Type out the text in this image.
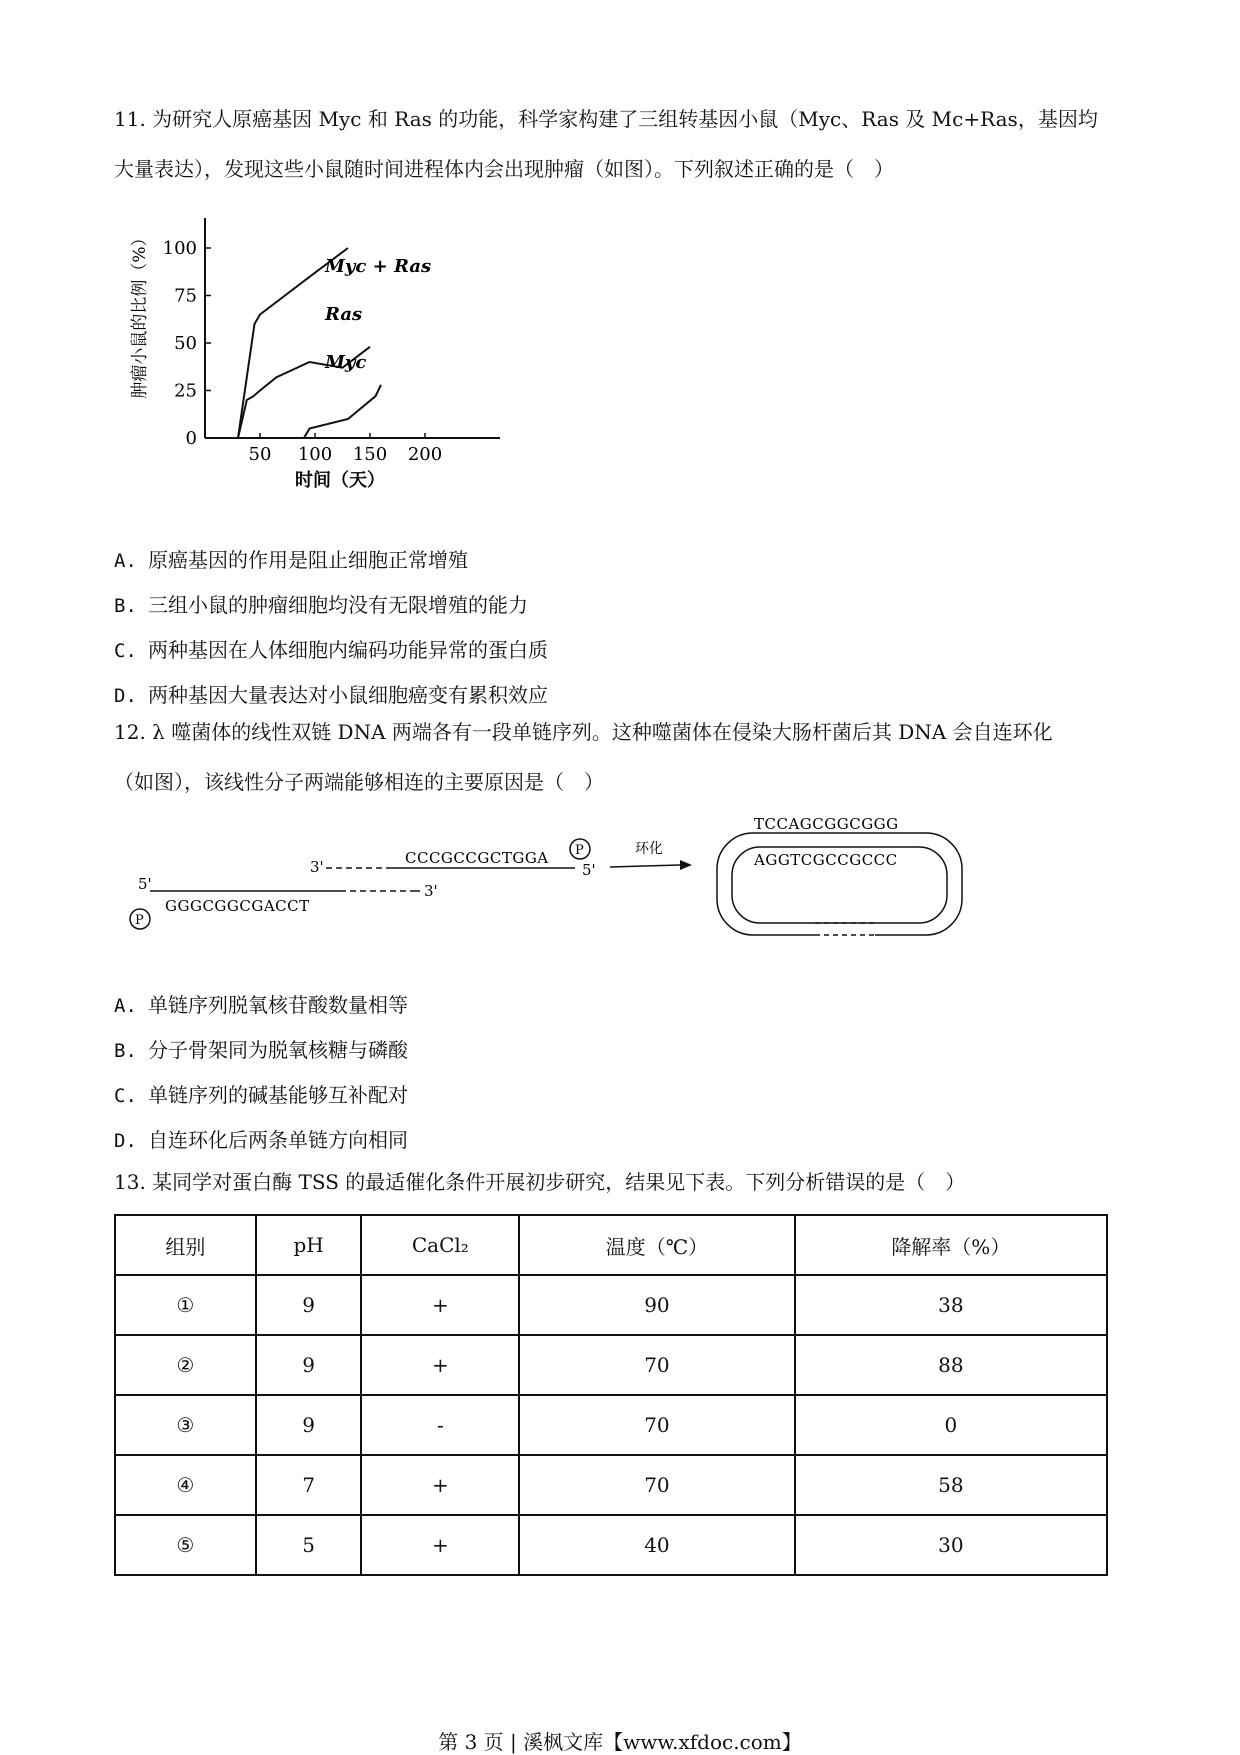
11. 为研究人原癌基因 Myc 和 Ras 的功能，科学家构建了三组转基因小鼠（Myc、Ras 及 Mc+Ras，基因均
大量表达），发现这些小鼠随时间进程体内会出现肿瘤（如图）。下列叙述正确的是（　）
肿瘤小鼠的比例（%）
0
25
50
75
100
50 100 150 200
Myc + Ras
Ras
Myc
时间（天）
A. 原癌基因的作用是阻止细胞正常增殖
B. 三组小鼠的肿瘤细胞均没有无限增殖的能力
C. 两种基因在人体细胞内编码功能异常的蛋白质
D. 两种基因大量表达对小鼠细胞癌变有累积效应
12. λ 噬菌体的线性双链 DNA 两端各有一段单链序列。这种噬菌体在侵染大肠杆菌后其 DNA 会自连环化
（如图），该线性分子两端能够相连的主要原因是（　）
3'	CCCGCCGCTGGA P
5'
5'
P
GGGCGGCGACCT
3'
环化
TCCAGCGGCGGG
AGGTCGCCGCCC
A. 单链序列脱氧核苷酸数量相等
B. 分子骨架同为脱氧核糖与磷酸
C. 单链序列的碱基能够互补配对
D. 自连环化后两条单链方向相同
13. 某同学对蛋白酶 TSS 的最适催化条件开展初步研究，结果见下表。下列分析错误的是（　）
组别	pH	CaCl₂	温度（℃）	降解率（%）
①	9	+	90	38
②	9	+	70	88
③	9	-	70	0
④	7	+	70	58
⑤	5	+	40	30
第 3 页 | 溪枫文库【www.xfdoc.com】
